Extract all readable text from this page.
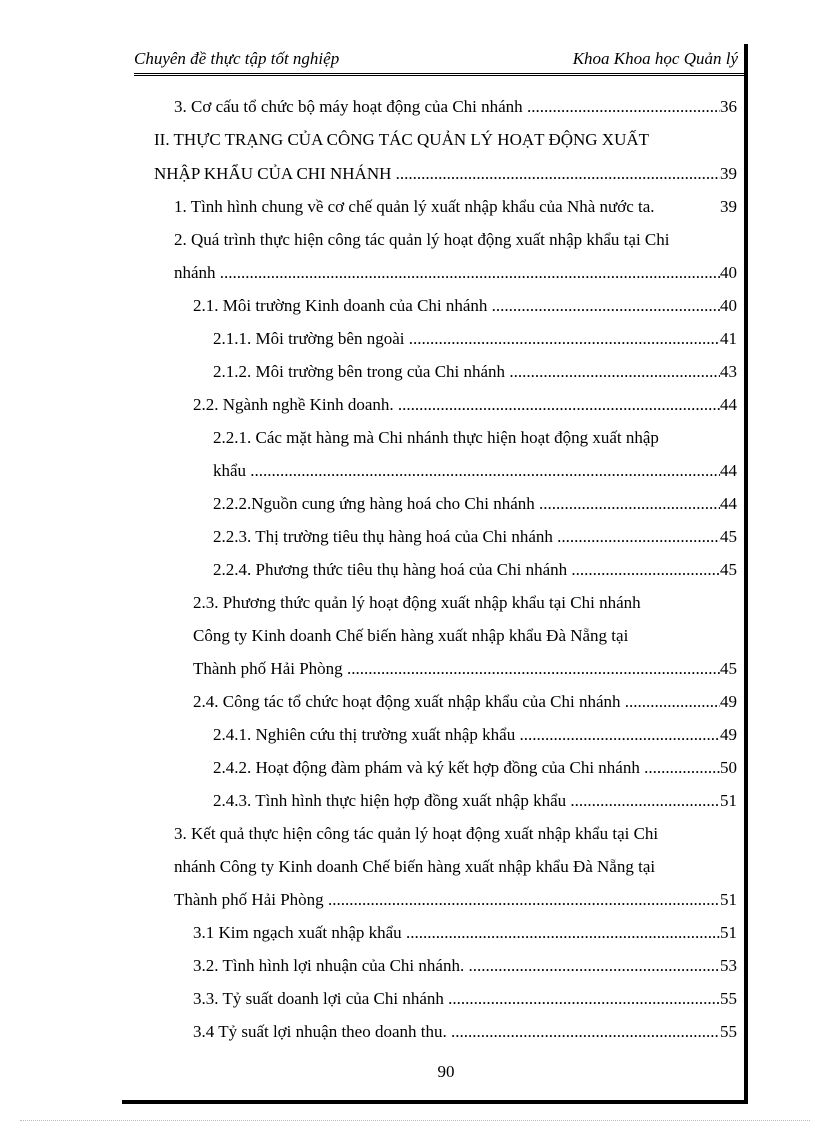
Chuyên đề thực tập tốt nghiệp	Khoa Khoa học Quản lý
3. Cơ cấu tổ chức bộ máy hoạt động của Chi nhánh	36
.....
II. THỰC TRẠNG CỦA CÔNG TÁC QUẢN LÝ HOẠT ĐỘNG XUẤT
NHẬP KHẨU CỦA CHI NHÁNH	39
.....
1. Tình hình chung về cơ chế quản lý xuất nhập khẩu của Nhà nước ta.	39
2. Quá trình thực hiện công tác quản lý hoạt động xuất nhập khẩu tại Chi
nhánh	40
.....
2.1. Môi trường Kinh doanh của Chi nhánh	40
.....
2.1.1. Môi trường bên ngoài	41
.....
2.1.2. Môi trường bên trong của Chi nhánh	43
.....
2.2. Ngành nghề Kinh doanh.	44
.....
2.2.1. Các mặt hàng mà Chi nhánh thực hiện hoạt động xuất nhập
khẩu	44
.....
2.2.2.Nguồn cung ứng hàng hoá cho Chi nhánh	44
.....
2.2.3. Thị trường tiêu thụ hàng hoá của Chi nhánh	45
.....
2.2.4. Phương thức tiêu thụ hàng hoá của Chi nhánh	45
.....
2.3. Phương thức quản lý hoạt động xuất nhập khẩu tại Chi nhánh
Công ty Kinh doanh Chế biến hàng xuất nhập khẩu Đà Nẵng tại
Thành phố Hải Phòng	45
.....
2.4. Công tác tổ chức hoạt động xuất nhập khẩu của Chi nhánh	49
.....
2.4.1. Nghiên cứu thị trường xuất nhập khẩu	49
.....
2.4.2. Hoạt động đàm phám và ký kết hợp đồng của Chi nhánh	50
.....
2.4.3. Tình hình thực hiện hợp đồng xuất nhập khẩu	51
.....
3. Kết quả thực hiện công tác quản lý hoạt động xuất nhập khẩu tại Chi
nhánh Công ty Kinh doanh Chế biến hàng xuất nhập khẩu Đà Nẵng tại
Thành phố Hải Phòng	51
.....
3.1 Kim ngạch xuất nhập khẩu	51
.....
3.2. Tình hình lợi nhuận của Chi nhánh.	53
.....
3.3. Tỷ suất doanh lợi của Chi nhánh	55
.....
3.4 Tỷ suất lợi nhuận theo doanh thu.	55
.....
90
